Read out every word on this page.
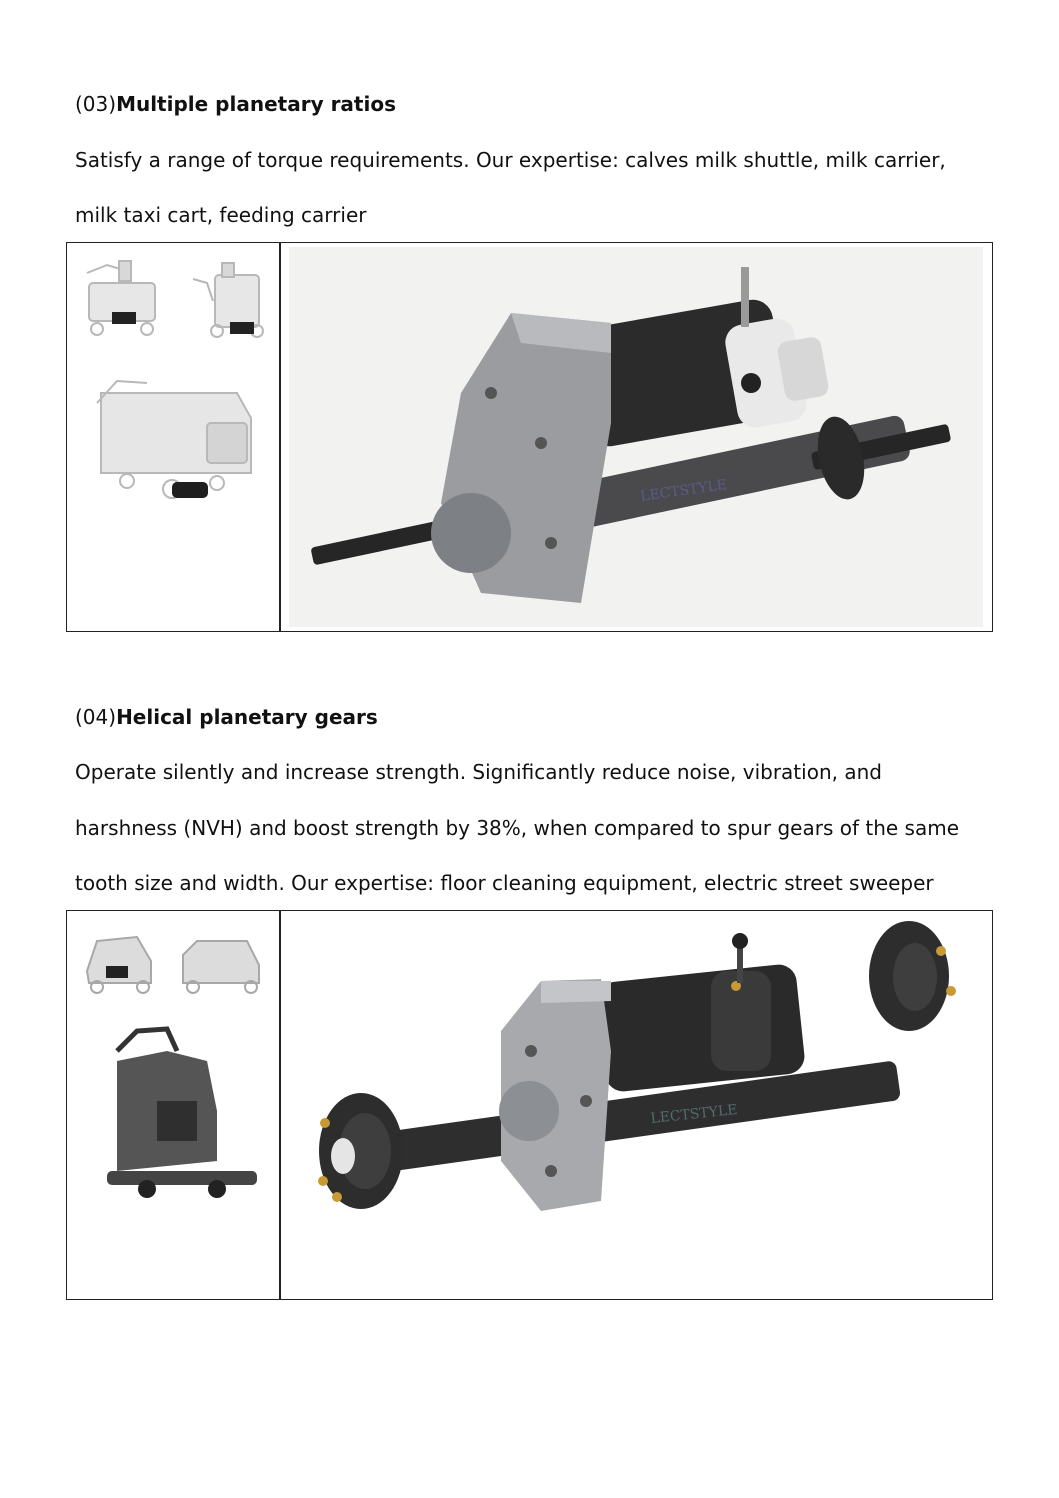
(03)Multiple planetary ratios
Satisfy a range of torque requirements. Our expertise: calves milk shuttle, milk carrier,
milk taxi cart, feeding carrier
LECTSTYLE
(04)Helical planetary gears
Operate silently and increase strength. Significantly reduce noise, vibration, and
harshness (NVH) and boost strength by 38%, when compared to spur gears of the same
tooth size and width. Our expertise: floor cleaning equipment, electric street sweeper
LECTSTYLE
